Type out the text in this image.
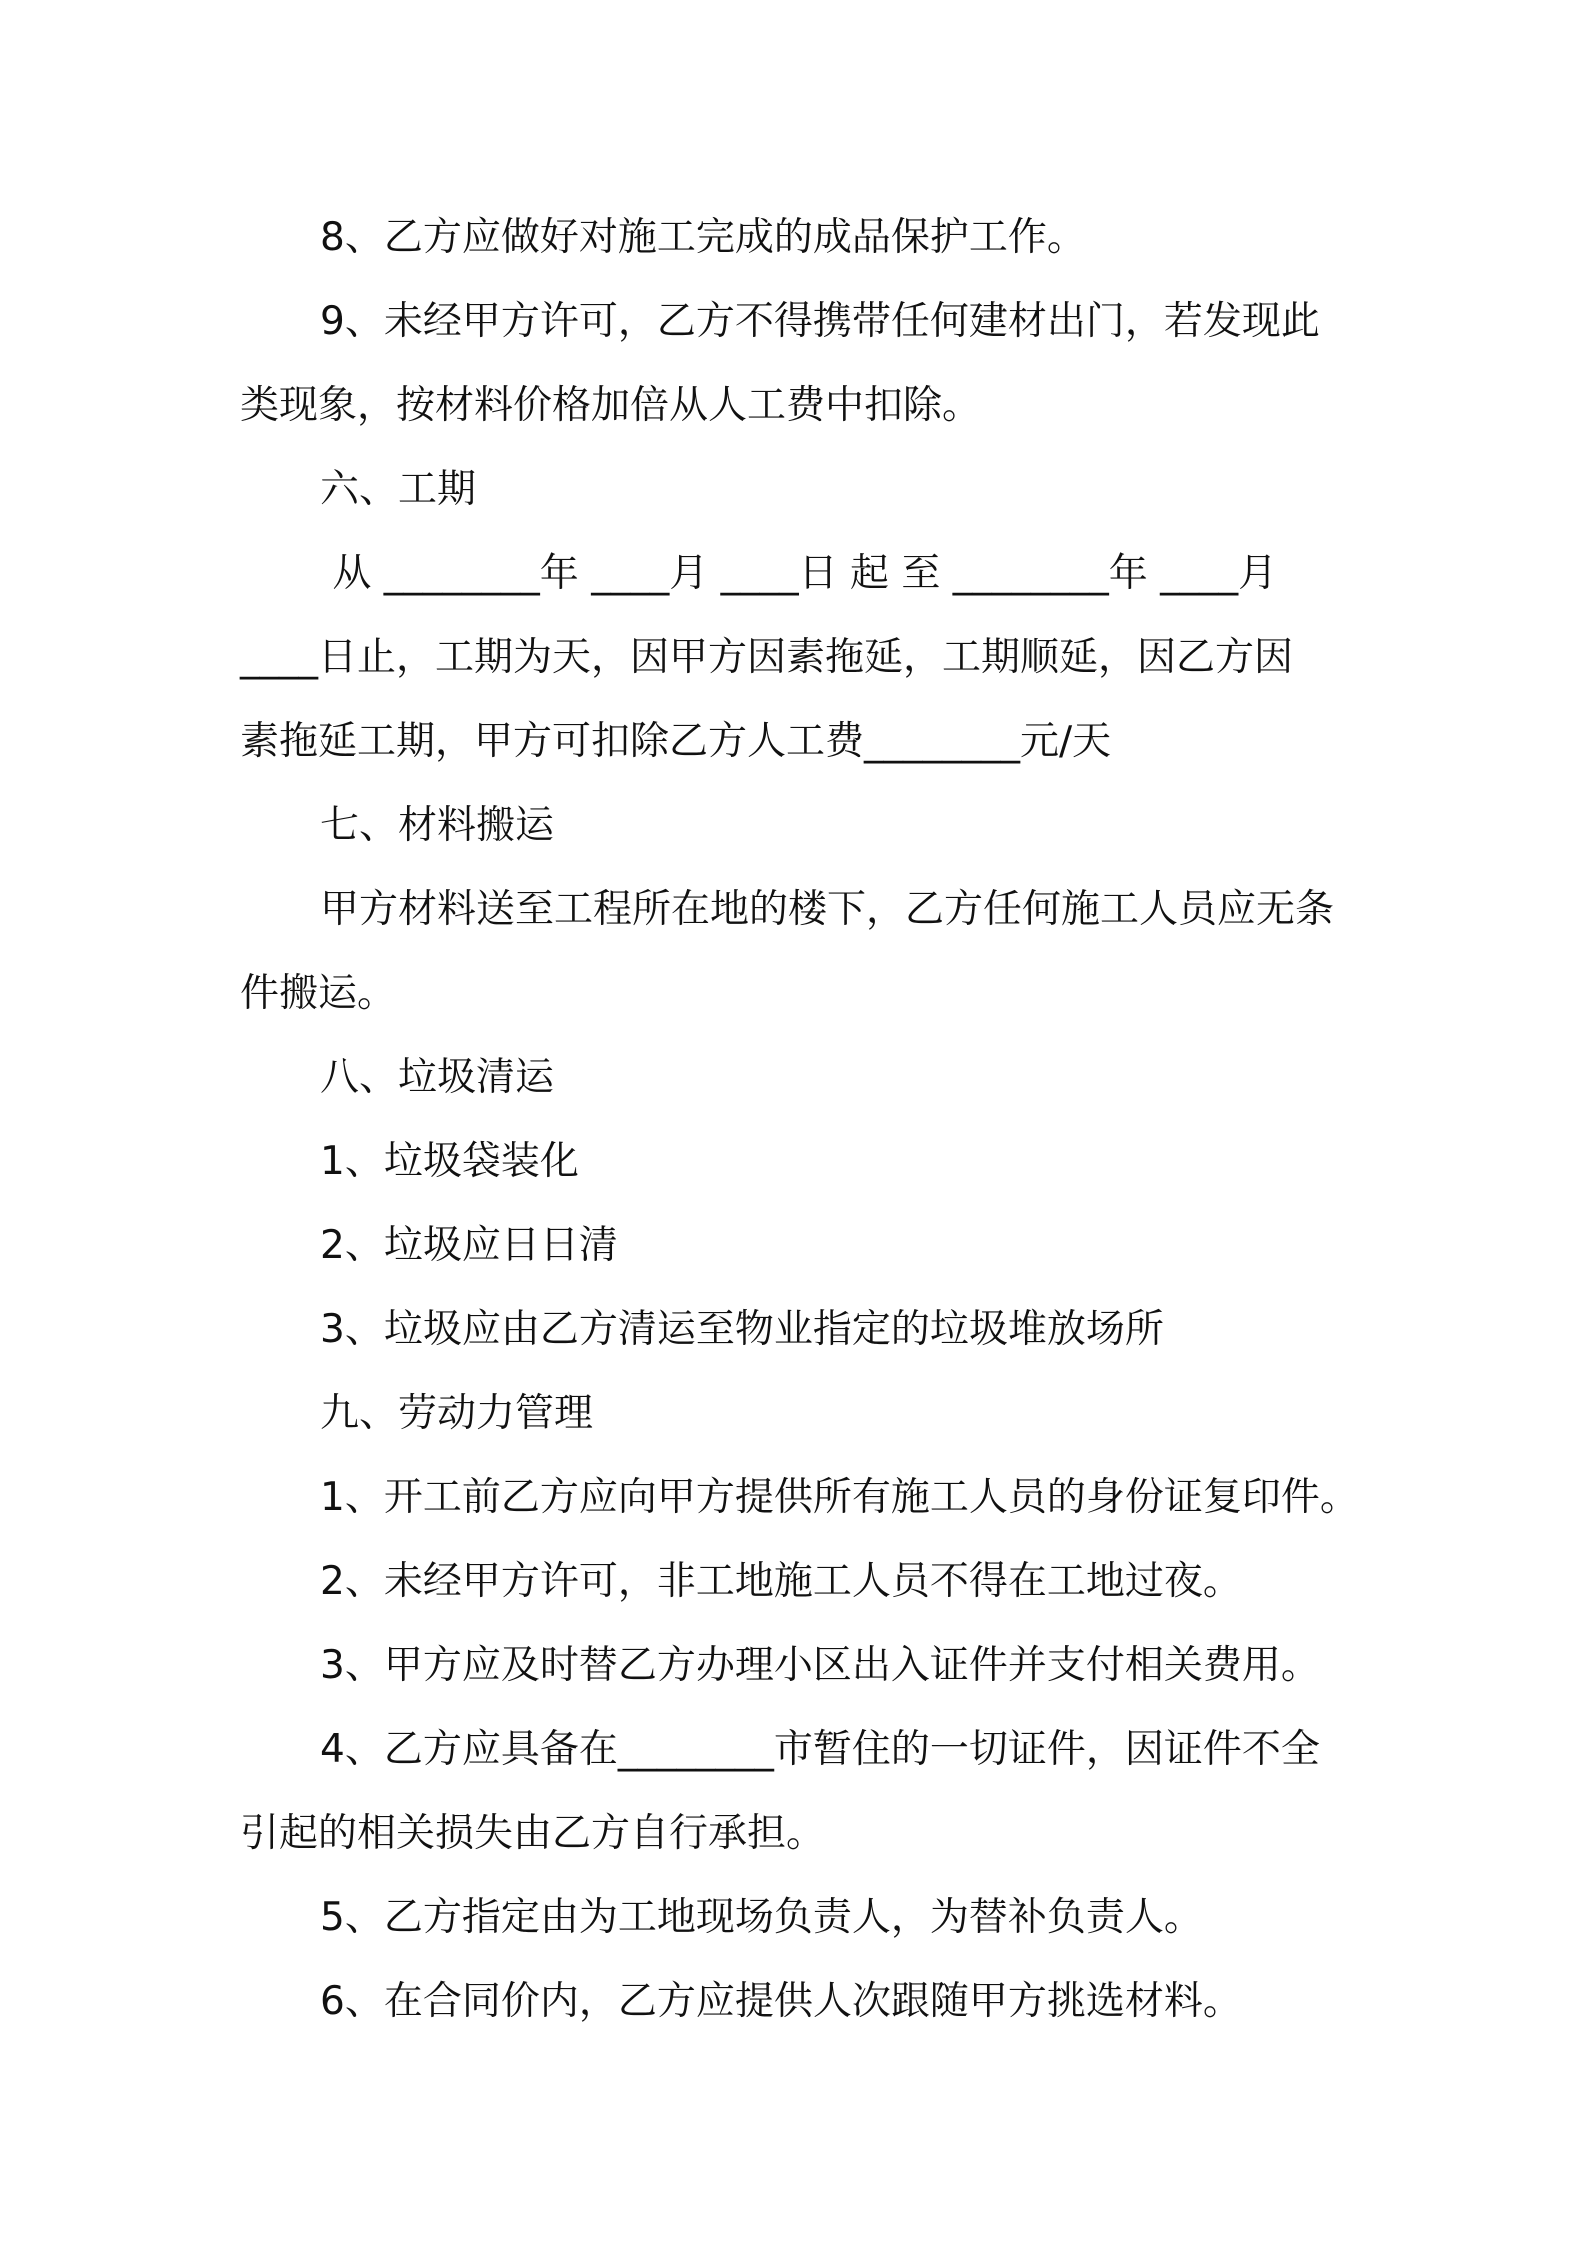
8、乙方应做好对施工完成的成品保护工作。

9、未经甲方许可，乙方不得携带任何建材出门，若发现此

类现象，按材料价格加倍从人工费中扣除。

六、工期

从 ________年 ____月 ____日 起 至 ________年 ____月

____日止，工期为天，因甲方因素拖延，工期顺延，因乙方因

素拖延工期，甲方可扣除乙方人工费________元/天

七、材料搬运

甲方材料送至工程所在地的楼下，乙方任何施工人员应无条

件搬运。

八、垃圾清运

1、垃圾袋装化

2、垃圾应日日清

3、垃圾应由乙方清运至物业指定的垃圾堆放场所

九、劳动力管理

1、开工前乙方应向甲方提供所有施工人员的身份证复印件。

2、未经甲方许可，非工地施工人员不得在工地过夜。

3、甲方应及时替乙方办理小区出入证件并支付相关费用。

4、乙方应具备在________市暂住的一切证件，因证件不全

引起的相关损失由乙方自行承担。

5、乙方指定由为工地现场负责人，为替补负责人。

6、在合同价内，乙方应提供人次跟随甲方挑选材料。
